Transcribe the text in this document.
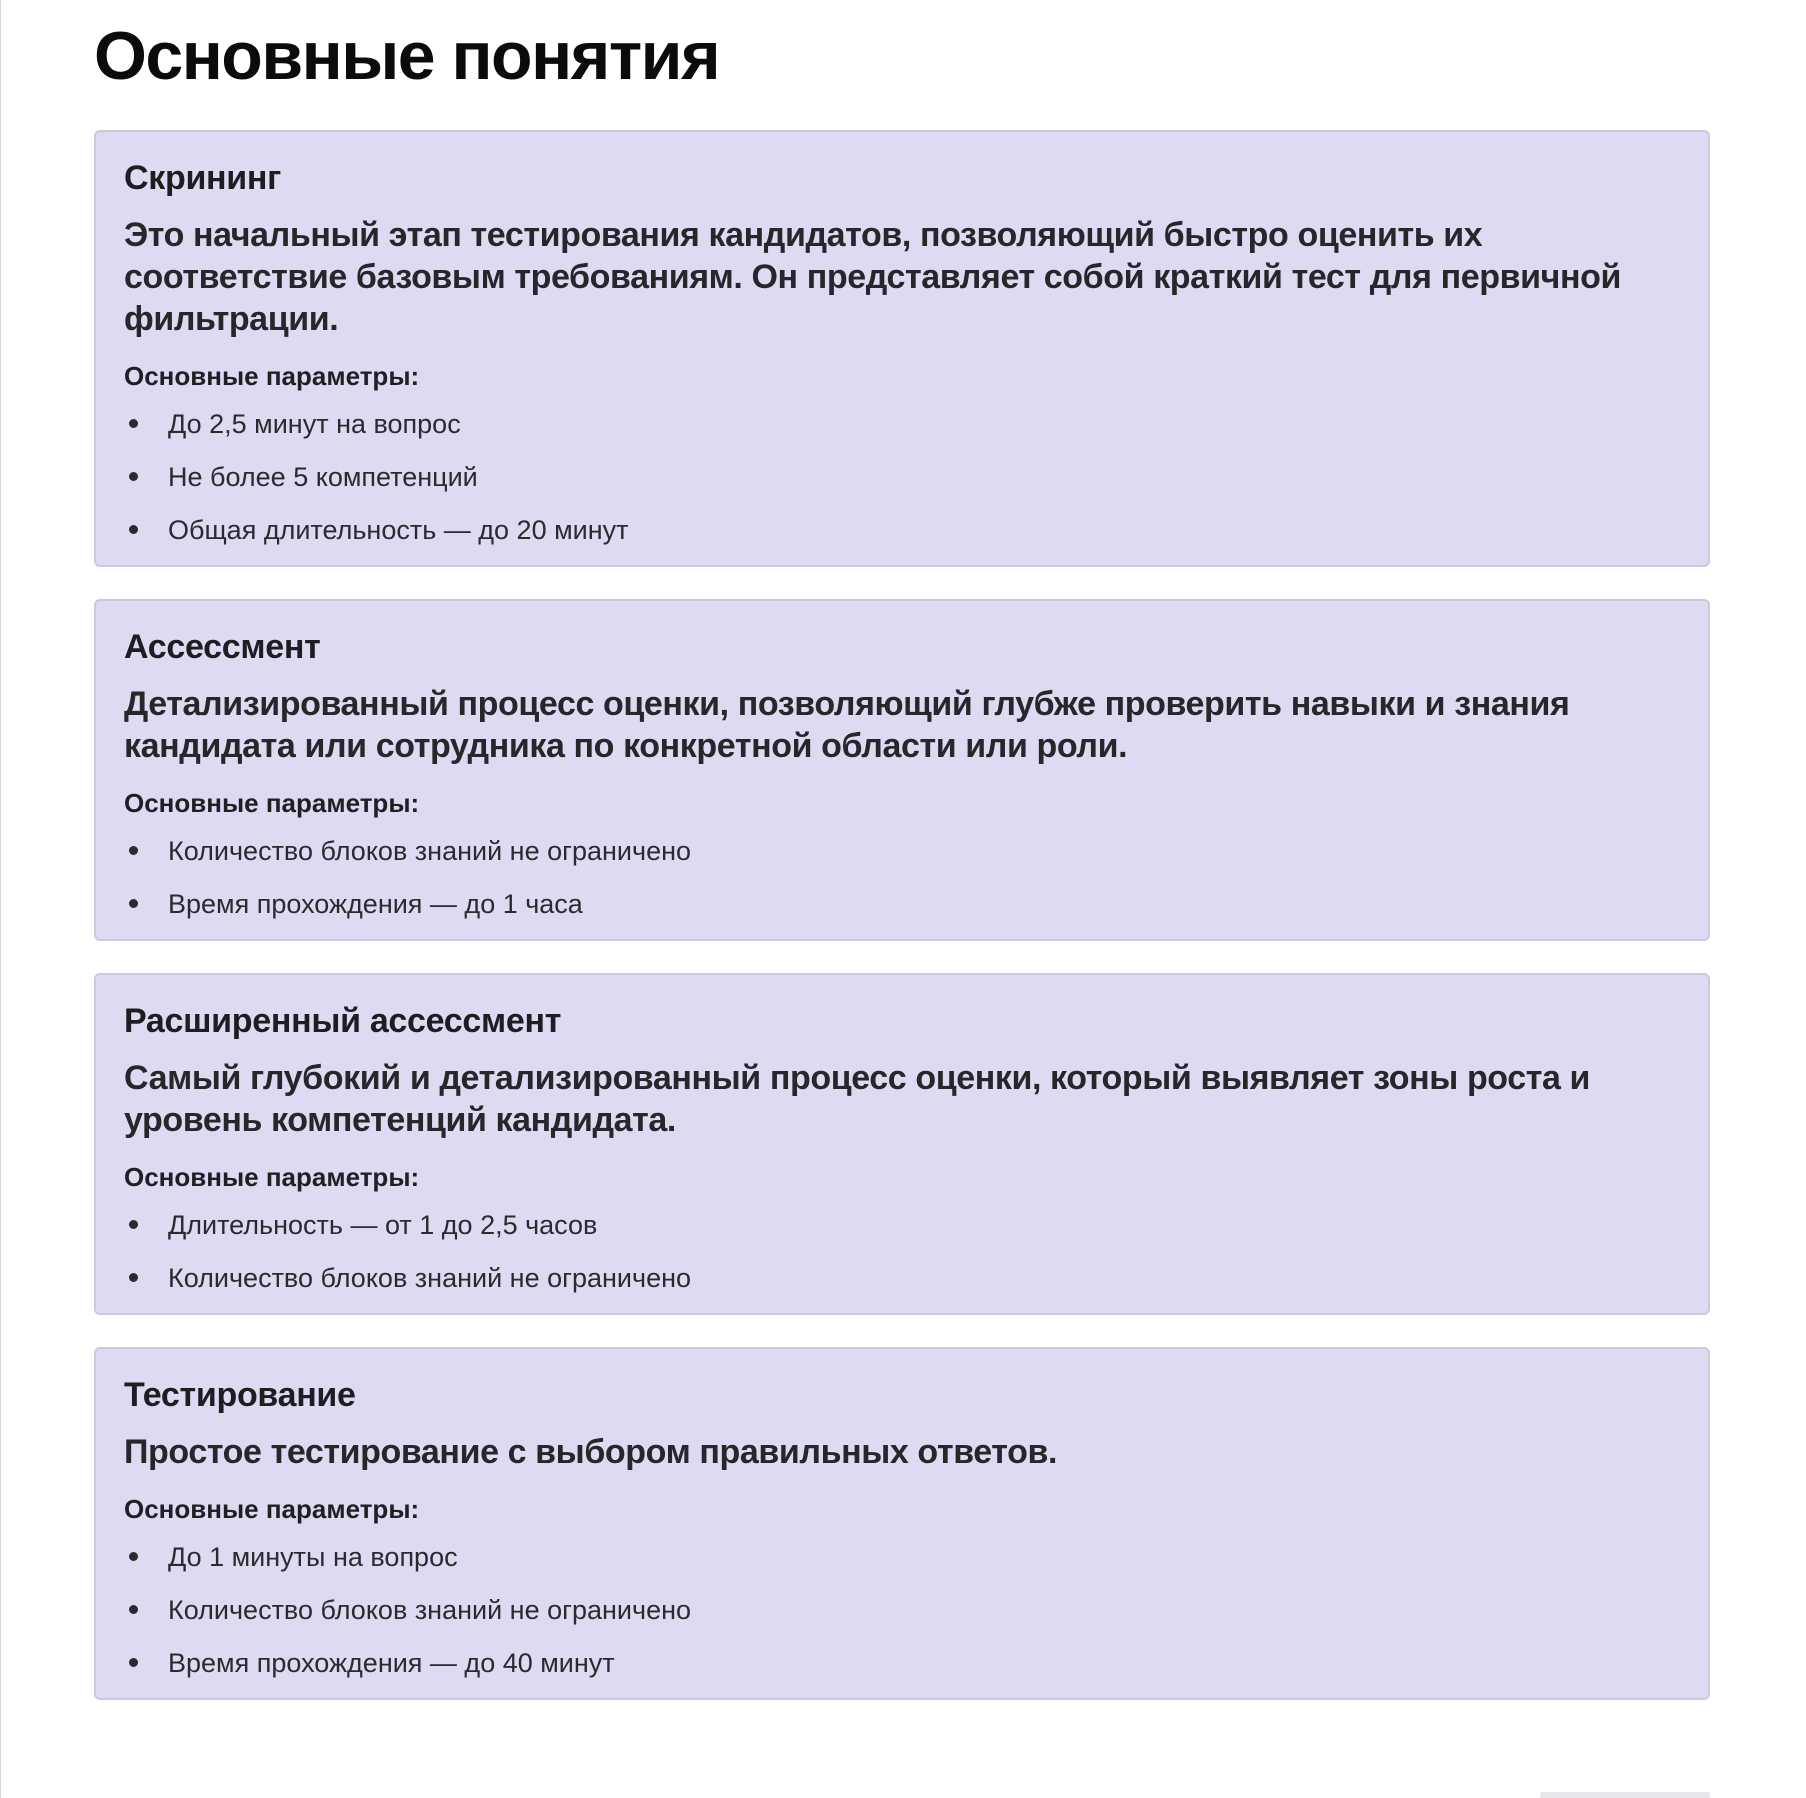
Основные понятия
Скрининг

Это начальный этап тестирования кандидатов, позволяющий быстро оценить их соответствие базовым требованиям. Он представляет собой краткий тест для первичной фильтрации.

Основные параметры:

До 2,5 минут на вопрос
Не более 5 компетенций
Общая длительность — до 20 минут
Ассессмент

Детализированный процесс оценки, позволяющий глубже проверить навыки и знания кандидата или сотрудника по конкретной области или роли.

Основные параметры:

Количество блоков знаний не ограничено
Время прохождения — до 1 часа
Расширенный ассессмент

Самый глубокий и детализированный процесс оценки, который выявляет зоны роста и уровень компетенций кандидата.

Основные параметры:

Длительность — от 1 до 2,5 часов
Количество блоков знаний не ограничено
Тестирование

Простое тестирование с выбором правильных ответов.

Основные параметры:

До 1 минуты на вопрос
Количество блоков знаний не ограничено
Время прохождения — до 40 минут
